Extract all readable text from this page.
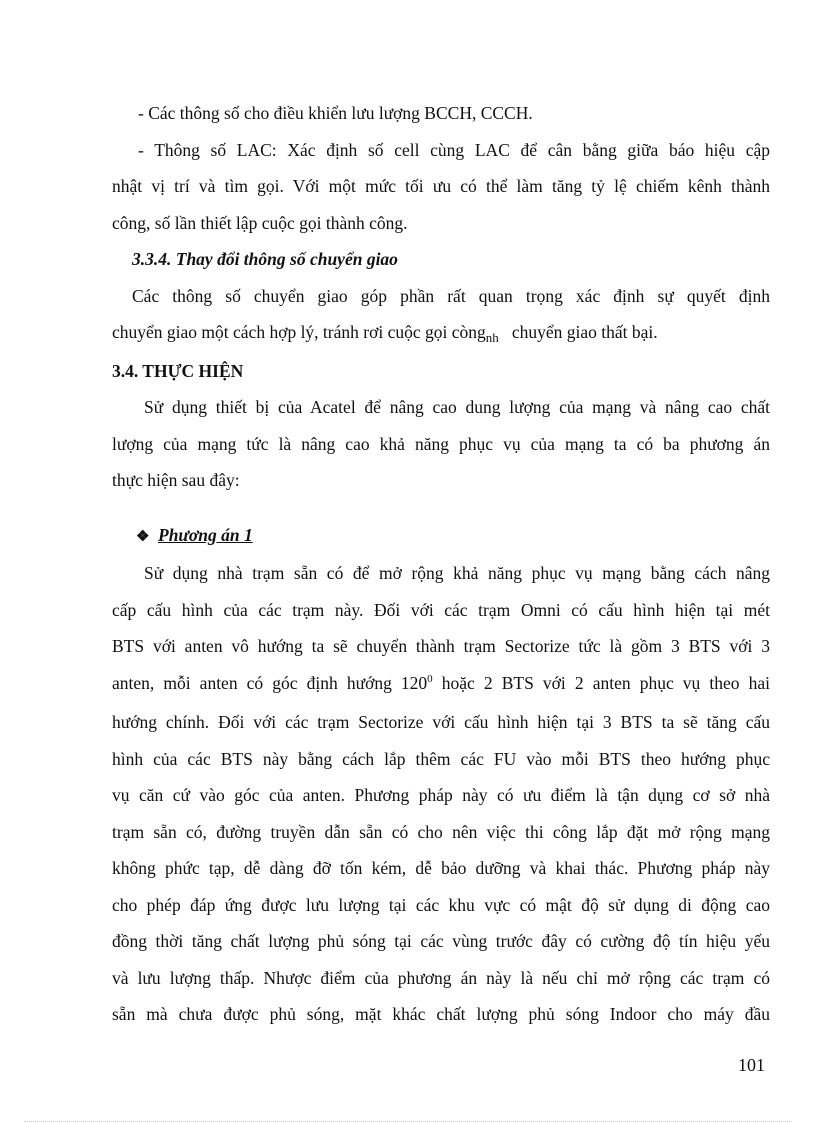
- Các thông số cho điều khiển lưu lượng BCCH, CCCH.
- Thông số LAC: Xác định số cell cùng LAC để cân bằng giữa báo hiệu cập
nhật vị trí và tìm gọi. Với một mức tối ưu có thể làm tăng tỷ lệ chiếm kênh thành
công, số lần thiết lập cuộc gọi thành công.
3.3.4. Thay đổi thông số chuyển giao
Các thông số chuyển giao góp phần rất quan trọng xác định sự quyết định
chuyển giao một cách hợp lý, tránh rơi cuộc gọi còng$_{nh}$ chuyển giao thất bại.
3.4. THỰC HIỆN
Sử dụng thiết bị của Acatel để nâng cao dung lượng của mạng và nâng cao chất
lượng của mạng tức là nâng cao khả năng phục vụ của mạng ta có ba phương án
thực hiện sau đây:
❖ Phương án 1
Sử dụng nhà trạm sẵn có để mở rộng khả năng phục vụ mạng bằng cách nâng
cấp cấu hình của các trạm này. Đối với các trạm Omni có cấu hình hiện tại mét
BTS với anten vô hướng ta sẽ chuyển thành trạm Sectorize tức là gồm 3 BTS với 3
anten, mỗi anten có góc định hướng $120^0$ hoặc 2 BTS với 2 anten phục vụ theo hai
hướng chính. Đối với các trạm Sectorize với cấu hình hiện tại 3 BTS ta sẽ tăng cấu
hình của các BTS này bằng cách lắp thêm các FU vào mỗi BTS theo hướng phục
vụ căn cứ vào góc của anten. Phương pháp này có ưu điểm là tận dụng cơ sở nhà
trạm sẵn có, đường truyền dẫn sẵn có cho nên việc thi công lắp đặt mở rộng mạng
không phức tạp, dễ dàng đỡ tốn kém, dễ bảo dưỡng và khai thác. Phương pháp này
cho phép đáp ứng được lưu lượng tại các khu vực có mật độ sử dụng di động cao
đồng thời tăng chất lượng phủ sóng tại các vùng trước đây có cường độ tín hiệu yếu
và lưu lượng thấp. Nhược điểm của phương án này là nếu chỉ mở rộng các trạm có
sẵn mà chưa được phủ sóng, mặt khác chất lượng phủ sóng Indoor cho máy đầu
101
